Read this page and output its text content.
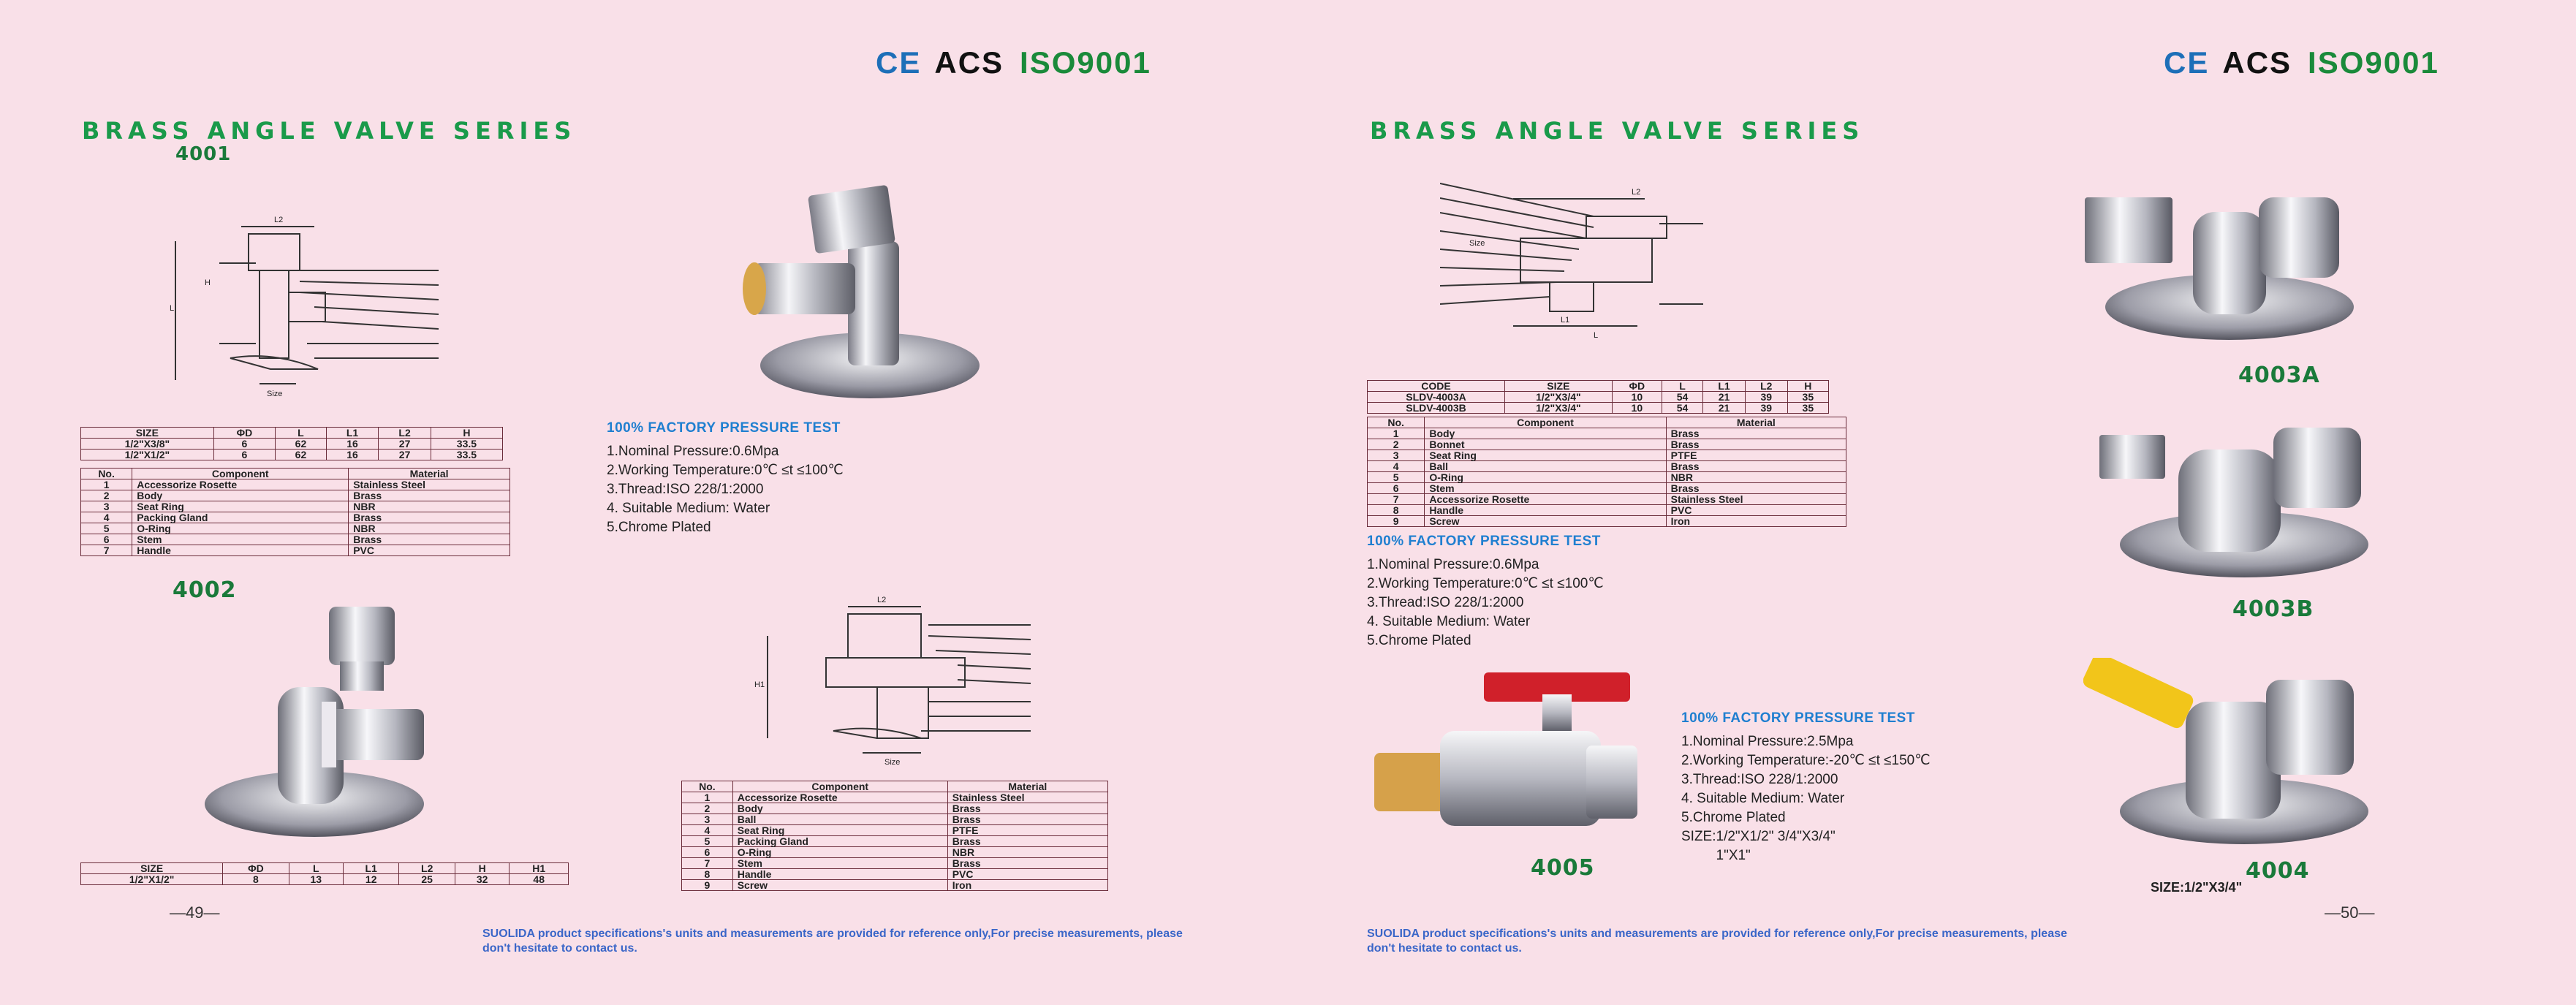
CE ACS ISO9001	CE ACS ISO9001
BRASS ANGLE VALVE SERIES
4001
L2
L
H
Size
SIZE	ΦD	L	L1	L2	H
1/2"X3/8"	6	62	16	27	33.5
1/2"X1/2"	6	62	16	27	33.5
No.	Component	Material
1	Accessorize Rosette	Stainless Steel
2	Body	Brass
3	Seat Ring	NBR
4	Packing Gland	Brass
5	O-Ring	NBR
6	Stem	Brass
7	Handle	PVC
100% FACTORY PRESSURE TEST
1.Nominal Pressure:0.6Mpa
2.Working Temperature:0℃ ≤t ≤100℃
3.Thread:ISO 228/1:2000
4. Suitable Medium: Water
5.Chrome Plated
4002	L2
H1
Size
No.	Component	Material
1	Accessorize Rosette	Stainless Steel
2	Body	Brass
3	Ball	Brass
4	Seat Ring	PTFE
5	Packing Gland	Brass
6	O-Ring	NBR
7	Stem	Brass
8	Handle	PVC
9	Screw	Iron
SIZE	ΦD	L	L1	L2	H	H1
1/2"X1/2"	8	13	12	25	32	48
—49—
SUOLIDA product specifications's units and measurements are provided for reference only,For precise measurements, please don't hesitate to contact us.
BRASS ANGLE VALVE SERIES
L2
Size
L1
L
CODE	SIZE	ΦD	L	L1	L2	H
SLDV-4003A	1/2"X3/4"	10	54	21	39	35
SLDV-4003B	1/2"X3/4"	10	54	21	39	35
No.	Component	Material
1	Body	Brass
2	Bonnet	Brass
3	Seat Ring	PTFE
4	Ball	Brass
5	O-Ring	NBR
6	Stem	Brass
7	Accessorize Rosette	Stainless Steel
8	Handle	PVC
9	Screw	Iron
100% FACTORY PRESSURE TEST
1.Nominal Pressure:0.6Mpa
2.Working Temperature:0℃ ≤t ≤100℃
3.Thread:ISO 228/1:2000
4. Suitable Medium: Water
5.Chrome Plated
4005
100% FACTORY PRESSURE TEST
1.Nominal Pressure:2.5Mpa
2.Working Temperature:-20℃ ≤t ≤150℃
3.Thread:ISO 228/1:2000
4. Suitable Medium: Water
5.Chrome Plated
SIZE:1/2"X1/2" 3/4"X3/4"
1"X1"
4003A
4003B
4004
SIZE:1/2"X3/4"
—50—
SUOLIDA product specifications's units and measurements are provided for reference only,For precise measurements, please don't hesitate to contact us.
